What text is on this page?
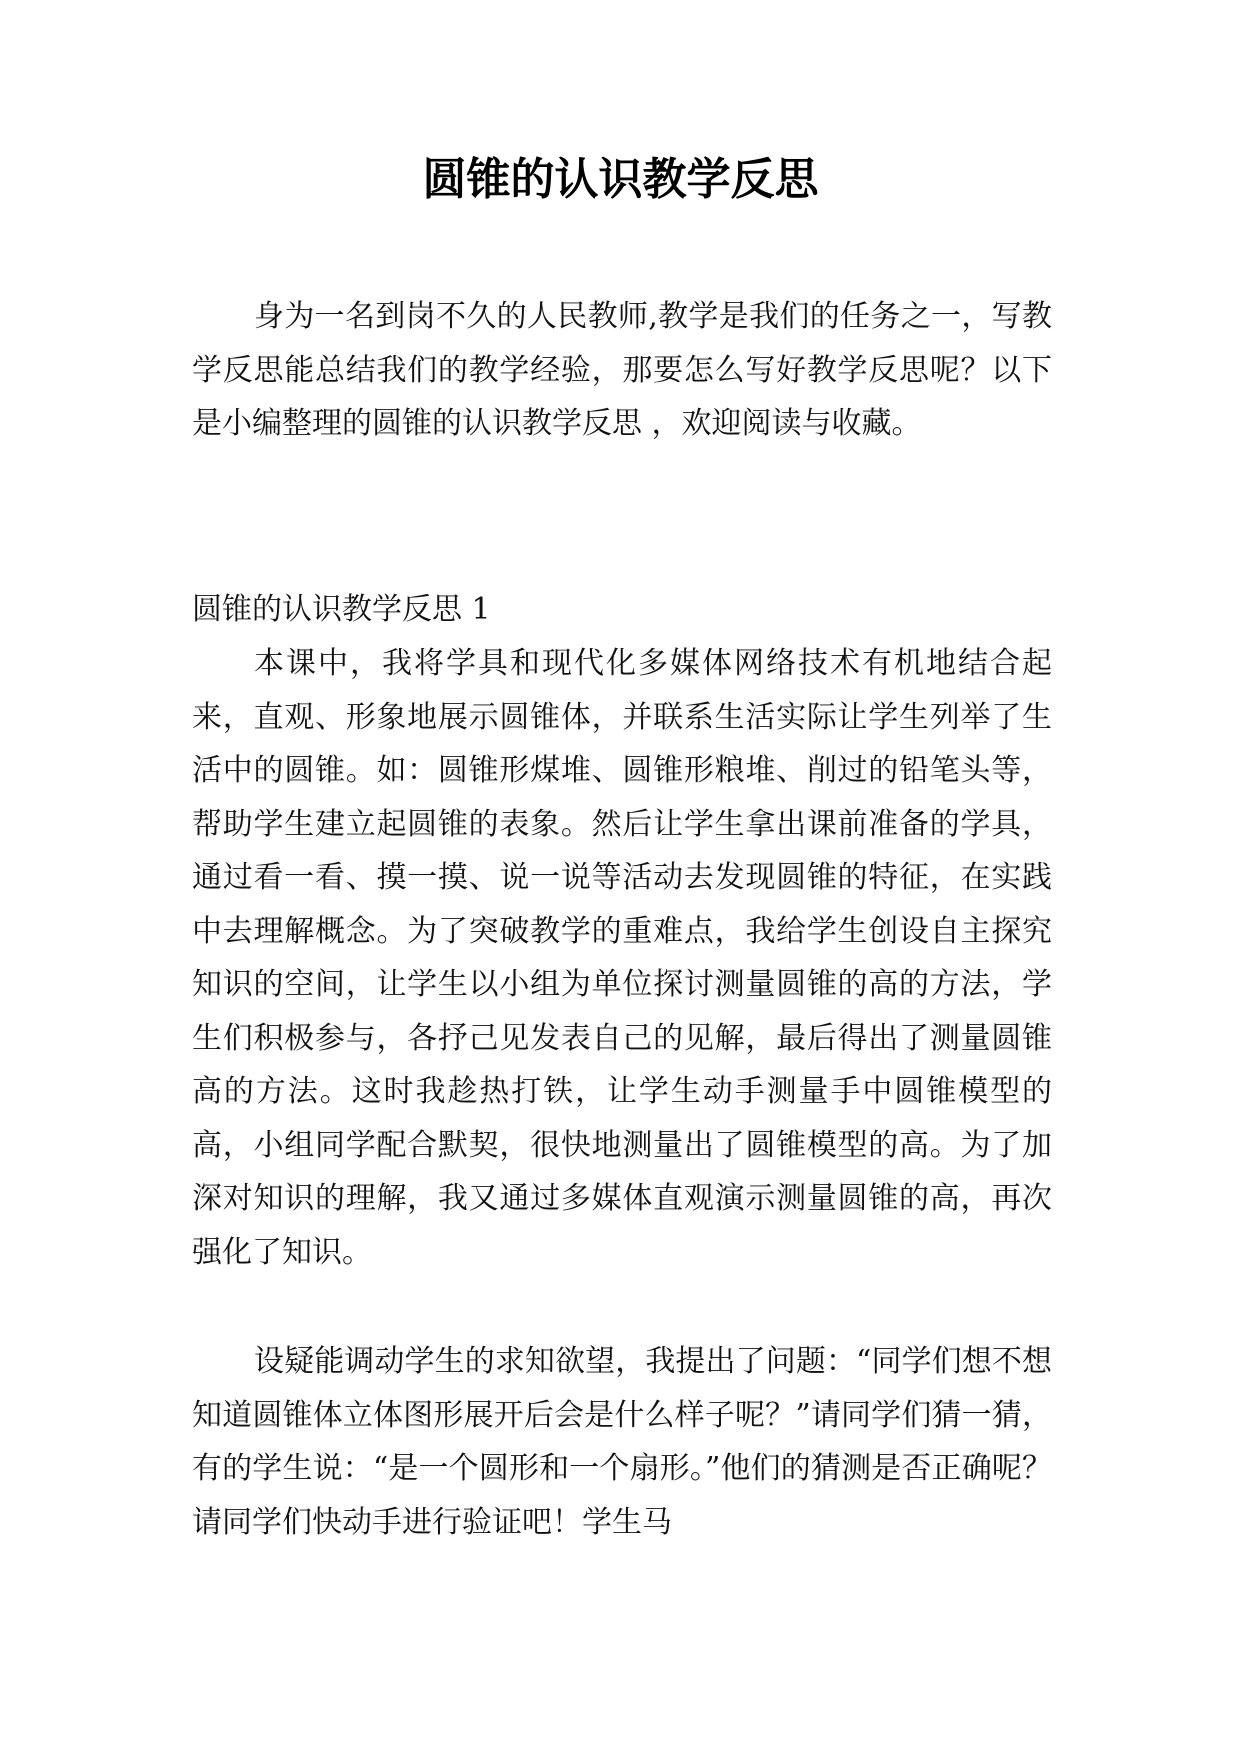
圆锥的认识教学反思

身为一名到岗不久的人民教师,教学是我们的任务之一，写教学反思能总结我们的教学经验，那要怎么写好教学反思呢？以下是小编整理的圆锥的认识教学反思 ，欢迎阅读与收藏。

圆锥的认识教学反思 1

本课中，我将学具和现代化多媒体网络技术有机地结合起来，直观、形象地展示圆锥体，并联系生活实际让学生列举了生活中的圆锥。如：圆锥形煤堆、圆锥形粮堆、削过的铅笔头等，帮助学生建立起圆锥的表象。然后让学生拿出课前准备的学具，通过看一看、摸一摸、说一说等活动去发现圆锥的特征，在实践中去理解概念。为了突破教学的重难点，我给学生创设自主探究知识的空间，让学生以小组为单位探讨测量圆锥的高的方法，学生们积极参与，各抒己见发表自己的见解，最后得出了测量圆锥高的方法。这时我趁热打铁，让学生动手测量手中圆锥模型的高，小组同学配合默契，很快地测量出了圆锥模型的高。为了加深对知识的理解，我又通过多媒体直观演示测量圆锥的高，再次强化了知识。

设疑能调动学生的求知欲望，我提出了问题：“同学们想不想知道圆锥体立体图形展开后会是什么样子呢？”请同学们猜一猜，有的学生说：“是一个圆形和一个扇形。”他们的猜测是否正确呢？请同学们快动手进行验证吧！学生马
